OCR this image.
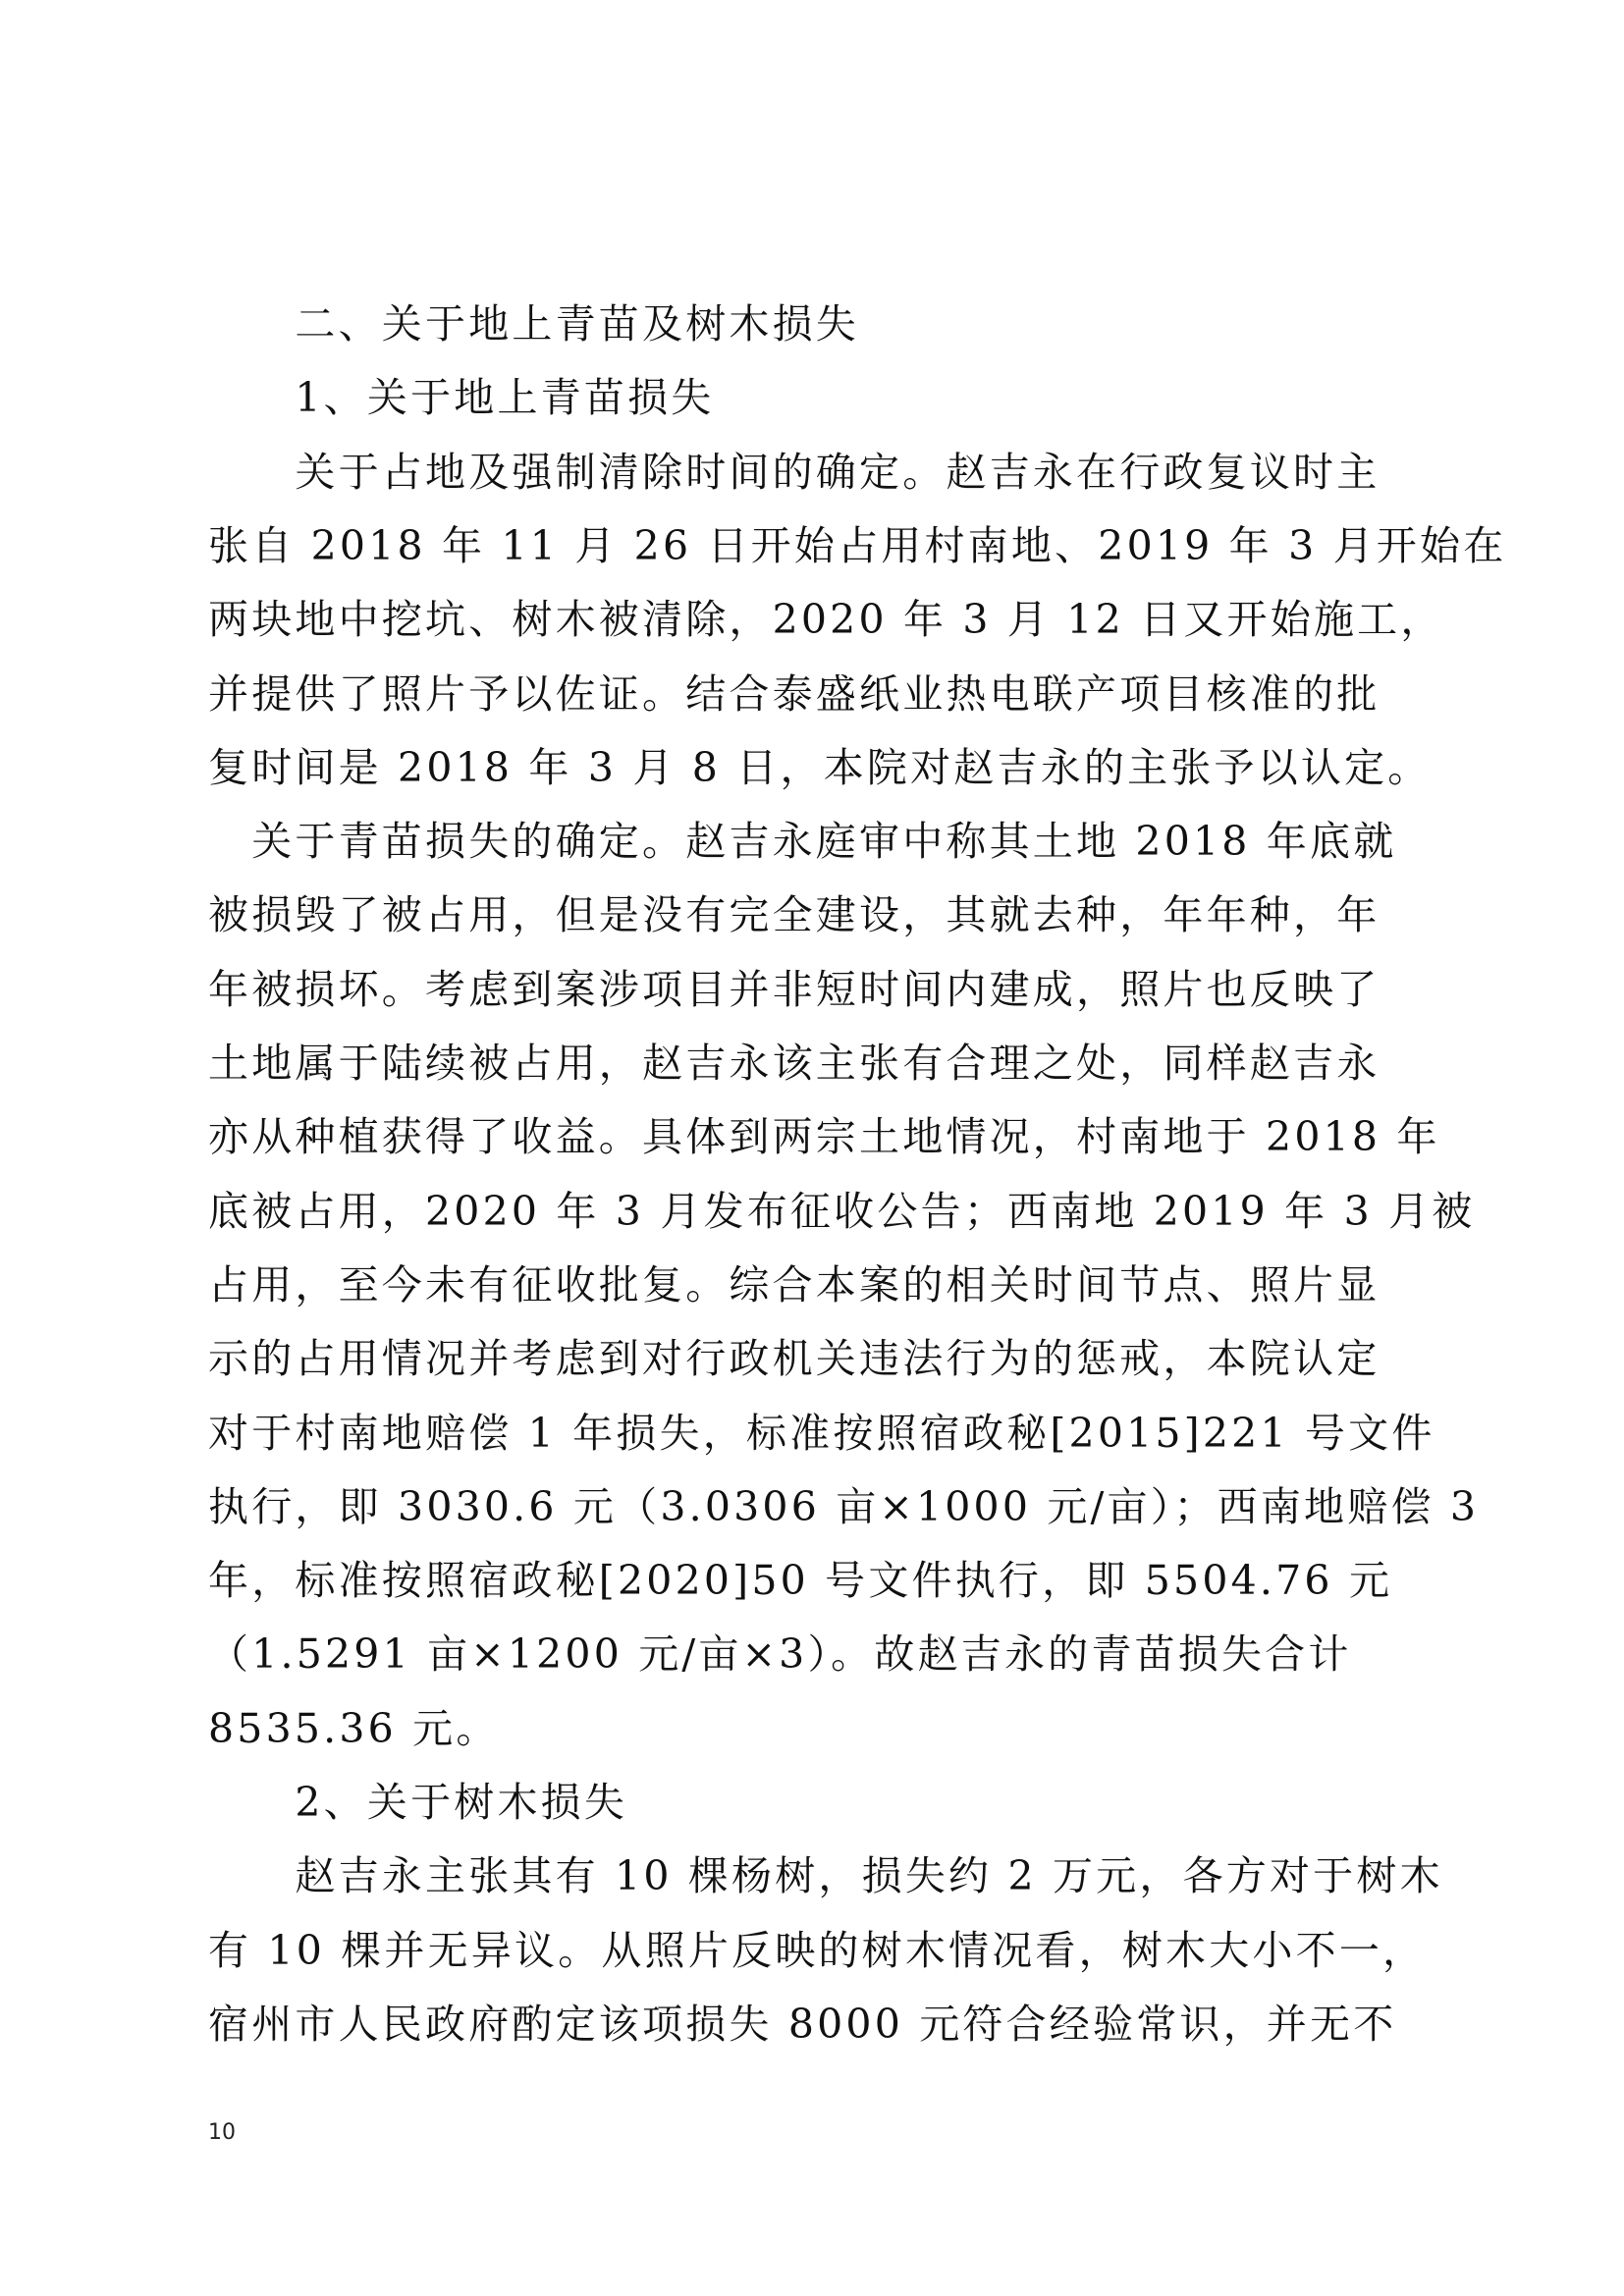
　　二、关于地上青苗及树木损失
　　1、关于地上青苗损失
　　关于占地及强制清除时间的确定。赵吉永在行政复议时主
张自 2018 年 11 月 26 日开始占用村南地、2019 年 3 月开始在
两块地中挖坑、树木被清除，2020 年 3 月 12 日又开始施工，
并提供了照片予以佐证。结合泰盛纸业热电联产项目核准的批
复时间是 2018 年 3 月 8 日，本院对赵吉永的主张予以认定。
　关于青苗损失的确定。赵吉永庭审中称其土地 2018 年底就
被损毁了被占用，但是没有完全建设，其就去种，年年种，年
年被损坏。考虑到案涉项目并非短时间内建成，照片也反映了
土地属于陆续被占用，赵吉永该主张有合理之处，同样赵吉永
亦从种植获得了收益。具体到两宗土地情况，村南地于 2018 年
底被占用，2020 年 3 月发布征收公告；西南地 2019 年 3 月被
占用，至今未有征收批复。综合本案的相关时间节点、照片显
示的占用情况并考虑到对行政机关违法行为的惩戒，本院认定
对于村南地赔偿 1 年损失，标准按照宿政秘[2015]221 号文件
执行，即 3030.6 元（3.0306 亩×1000 元/亩）；西南地赔偿 3
年，标准按照宿政秘[2020]50 号文件执行，即 5504.76 元
（1.5291 亩×1200 元/亩×3）。故赵吉永的青苗损失合计
8535.36 元。
　　2、关于树木损失
　　赵吉永主张其有 10 棵杨树，损失约 2 万元，各方对于树木
有 10 棵并无异议。从照片反映的树木情况看，树木大小不一，
宿州市人民政府酌定该项损失 8000 元符合经验常识，并无不
10
